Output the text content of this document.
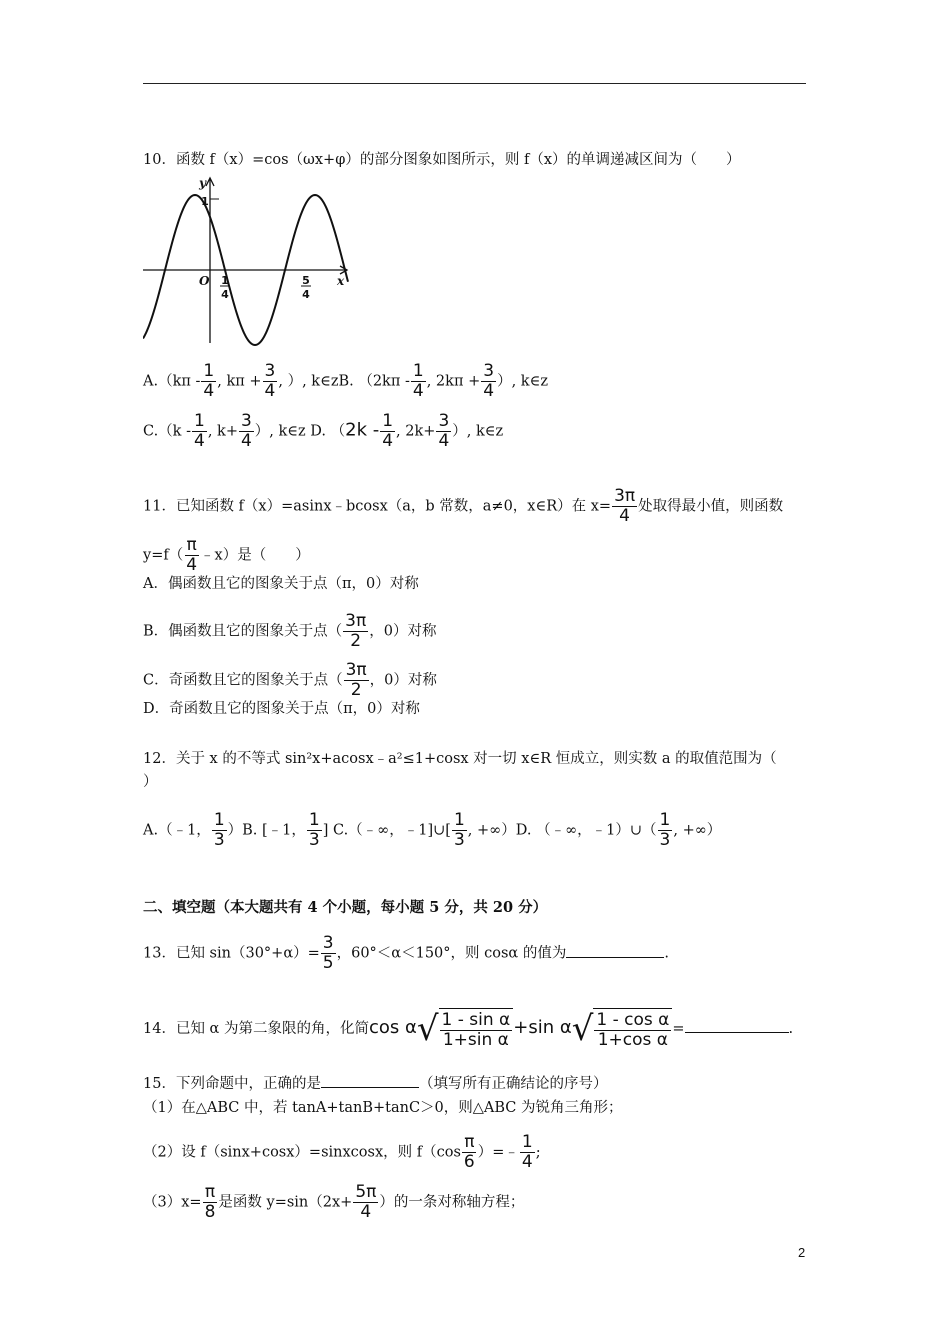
10．函数 f（x）=cos（ωx+φ）的部分图象如图所示，则 f（x）的单调递减区间为（　　）
y
x
O
1
1
4
5
4
$A.(k\pi - \frac{1}{4}$ , $k\pi + \frac{3}{4}$ , ）, k∈zB. （$2k\pi - \frac{1}{4}$ , $2k\pi + \frac{3}{4}$ ）, k∈z
$C.(k - \frac{1}{4}$ , $k+ \frac{3}{4}$ ）, k∈z D. （$2k - \frac{1}{4}$ , $2k+ \frac{3}{4}$ ）, k∈z
11．已知函数 f（x）=asinx﹣bcosx（a，b 常数，a≠0，x∈R）在 $x= \frac{3\pi}{4}$ 处取得最小值，则函数
$y=f( \frac{\pi}{4}$ ﹣x）是（　　）
A．偶函数且它的图象关于点（π，0）对称
B．偶函数且它的图象关于点（ $\frac{3\pi}{2}$ ，0）对称
C．奇函数且它的图象关于点（ $\frac{3\pi}{2}$ ，0）对称
D．奇函数且它的图象关于点（π，0）对称
12．关于 x 的不等式 sin²x+acosx﹣a²≤1+cosx 对一切 x∈R 恒成立，则实数 a 的取值范围为（
）
A.（﹣1， $\frac{1}{3} )B$. [﹣1， $\frac{1}{3}$ ] C.（﹣∞，﹣1]∪[ $\frac{1}{3}$ , +∞）D. （﹣∞，﹣1）∪（ $\frac{1}{3}$ , +∞）
二、填空题（本大题共有 4 个小题，每小题 5 分，共 20 分）
13．已知 $\sin(30^\circ+\alpha)= \frac{3}{5}$ ，60°＜α＜150°，则 cosα 的值为	.
14．已知 α 为第二象限的角，化简cos α √ $\frac{\text{1 - sin α}}{\text{1+sin α}} +\sin$ α √ $\frac{\text{1 - cos α}}{\text{1+cos α}}$ =	.
15．下列命题中，正确的是	（填写所有正确结论的序号）
（1）在△ABC 中，若 tanA+tanB+tanC＞0，则△ABC 为锐角三角形；
（2）设 f（sinx+cosx）=sinxcosx，则 $f(\cos \frac{\pi}{6}$ ）=﹣ $\frac{1}{4}$ ;
$(3)x= \frac{\pi}{8}$ 是函数 $y=\sin(2x+ \frac{5\pi}{4}$ ）的一条对称轴方程；
2
